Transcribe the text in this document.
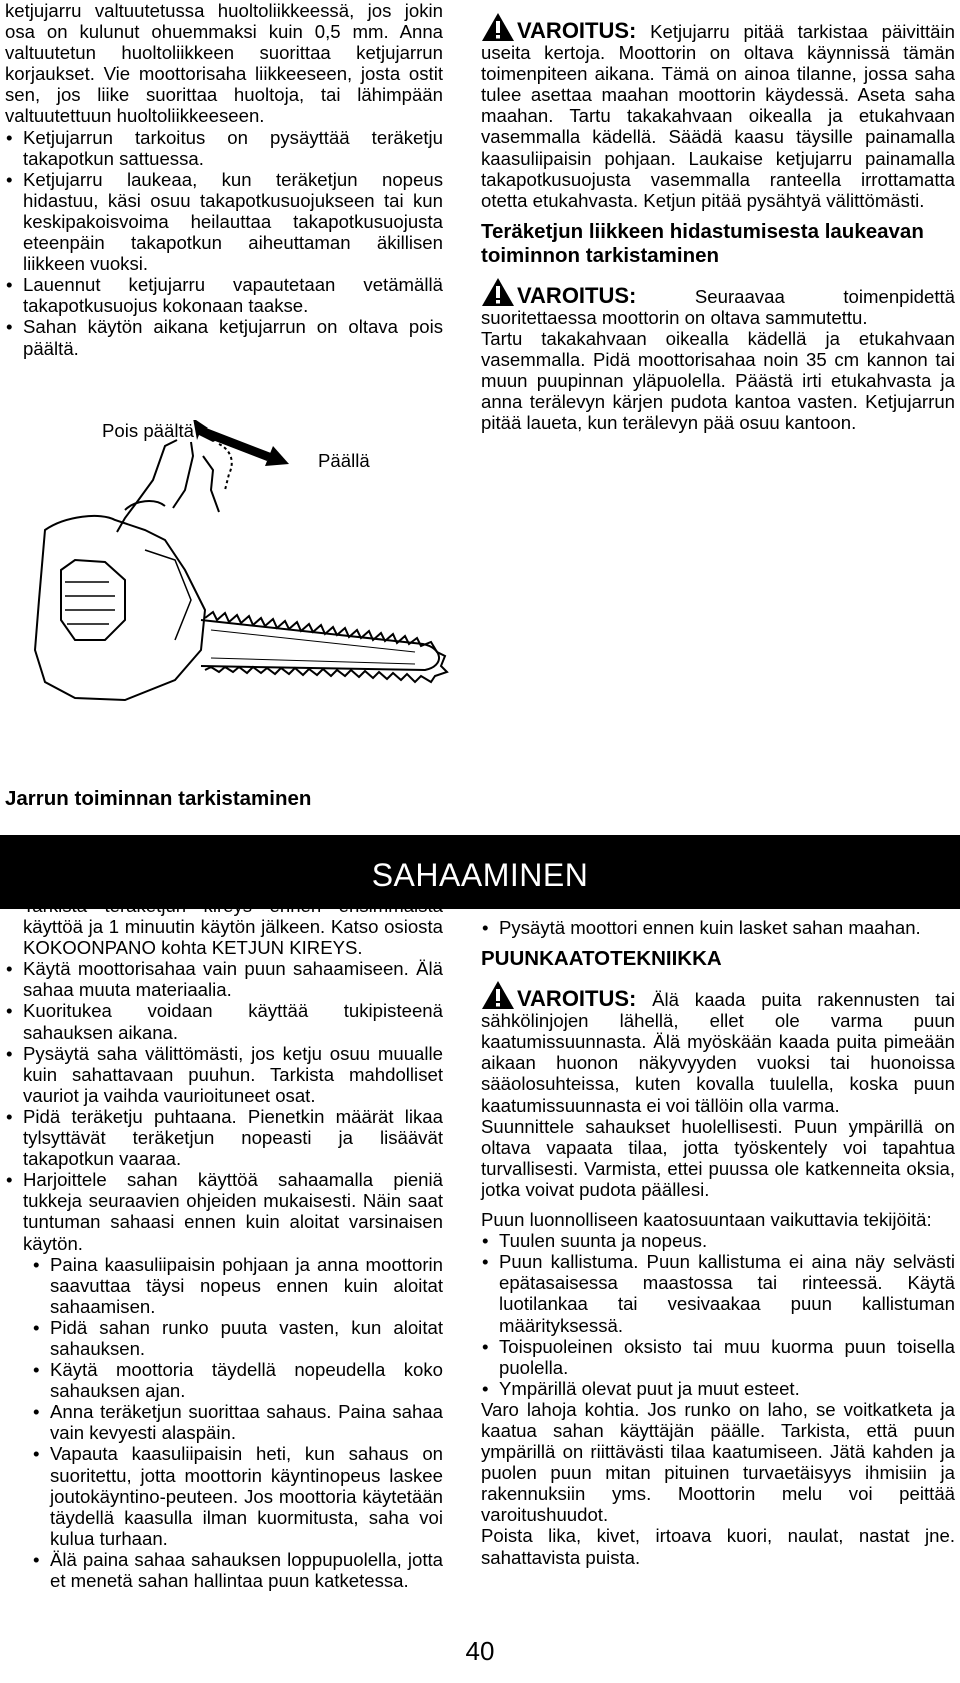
ketjujarru valtuutetussa huoltoliikkeessä, jos jokin osa on kulunut ohuemmaksi kuin 0,5 mm. Anna valtuutetun huoltoliikkeen suorittaa ketjujarrun korjaukset. Vie moottorisaha liikkeeseen, josta ostit sen, jos liike suorittaa huoltoja, tai lähimpään valtuutettuun huoltoliikkeeseen.

• Ketjujarrun tarkoitus on pysäyttää teräketju takapotkun sattuessa.
• Ketjujarru laukeaa, kun teräketjun nopeus hidastuu, käsi osuu takapotkusuojukseen tai kun keskipakoisvoima heilauttaa takapotkusuojusta eteenpäin takapotkun aiheuttaman äkillisen liikkeen vuoksi.
• Lauennut ketjujarru vapautetaan vetämällä takapotkusuojus kokonaan taakse.
• Sahan käytön aikana ketjujarrun on oltava pois päältä.
Pois päältä
Päällä
Jarrun toiminnan tarkistaminen

VAROITUS: Ketjujarru pitää tarkistaa päivittäin useita kertoja. Moottorin on oltava käynnissä tämän toimenpiteen aikana. Tämä on ainoa tilanne, jossa saha tulee asettaa maahan moottorin käydessä. Aseta saha maahan. Tartu takakahvaan oikealla ja etukahvaan vasemmalla kädellä. Säädä kaasu täysille painamalla kaasuliipaisin pohjaan. Laukaise ketjujarru painamalla takapotkusuojusta vasemmalla ranteella irrottamatta otetta etukahvasta. Ketjun pitää pysähtyä välittömästi.

Teräketjun liikkeen hidastumisesta laukeavan toiminnon tarkistaminen

VAROITUS:	Seuraavaa toimenpidettä suoritettaessa moottorin on oltava sammutettu.

Tartu takakahvaan oikealla kädellä ja etukahvaan vasemmalla. Pidä moottorisahaa noin 35 cm kannon tai muun puupinnan yläpuolella. Päästä irti etukahvasta ja anna terälevyn kärjen pudota kantoa vasten. Ketjujarrun pitää laueta, kun terälevyn pää osuu kantoon.

SAHAAMINEN
TÄRKEÄÄ
• Tarkista teräketjun kireys ennen ensimmäistä käyttöä ja 1 minuutin käytön jälkeen. Katso osiosta KOKOONPANO kohta KETJUN KIREYS.
• Käytä moottorisahaa vain puun sahaamiseen. Älä sahaa muuta materiaalia.
• Kuoritukea voidaan käyttää tukipisteenä sahauksen aikana.
• Pysäytä saha välittömästi, jos ketju osuu muualle kuin sahattavaan puuhun. Tarkista mahdolliset vauriot ja vaihda vaurioituneet osat.
• Pidä teräketju puhtaana. Pienetkin määrät likaa tylsyttävät teräketjun nopeasti ja lisäävät takapotkun vaaraa.
• Harjoittele sahan käyttöä sahaamalla pieniä tukkeja seuraavien ohjeiden mukaisesti. Näin saat tuntuman sahaasi ennen kuin aloitat varsinaisen käytön.
• Paina kaasuliipaisin pohjaan ja anna moottorin saavuttaa täysi nopeus ennen kuin aloitat sahaamisen.
• Pidä sahan runko puuta vasten, kun aloitat sahauksen.
• Käytä moottoria täydellä nopeudella koko sahauksen ajan.
• Anna teräketjun suorittaa sahaus. Paina sahaa vain kevyesti alaspäin.
• Vapauta kaasuliipaisin heti, kun sahaus on suoritettu, jotta moottorin käyntinopeus laskee joutokäyntino-peuteen. Jos moottoria käytetään täydellä kaasulla ilman kuormitusta, saha voi kulua turhaan.
• Älä paina sahaa sahauksen loppupuolella, jotta et menetä sahan hallintaa puun katketessa.
• Pysäytä moottori ennen kuin lasket sahan maahan.
PUUNKAATOTEKNIIKKA

VAROITUS: Älä kaada puita rakennusten tai sähkölinjojen lähellä, ellet ole varma puun kaatumissuunnasta. Älä myöskään kaada puita pimeään aikaan huonon näkyvyyden vuoksi tai huonoissa sääolosuhteissa, kuten kovalla tuulella, koska puun kaatumissuunnasta ei voi tällöin olla varma.

Suunnittele sahaukset huolellisesti. Puun ympärillä on oltava vapaata tilaa, jotta työskentely voi tapahtua turvallisesti. Varmista, ettei puussa ole katkenneita oksia, jotka voivat pudota päällesi.

Puun luonnolliseen kaatosuuntaan vaikuttavia tekijöitä:

• Tuulen suunta ja nopeus.
• Puun kallistuma. Puun kallistuma ei aina näy selvästi epätasaisessa maastossa tai rinteessä. Käytä luotilankaa tai vesivaakaa puun kallistuman määrityksessä.
• Toispuoleinen oksisto tai muu kuorma puun toisella puolella.
• Ympärillä olevat puut ja muut esteet.

Varo lahoja kohtia. Jos runko on laho, se voitkatketa ja kaatua sahan käyttäjän päälle. Tarkista, että puun ympärillä on riittävästi tilaa kaatumiseen. Jätä kahden ja puolen puun mitan pituinen turvaetäisyys ihmisiin ja rakennuksiin yms. Moottorin melu voi peittää varoitushuudot.

Poista lika, kivet, irtoava kuori, naulat, nastat jne. sahattavista puista.

40
